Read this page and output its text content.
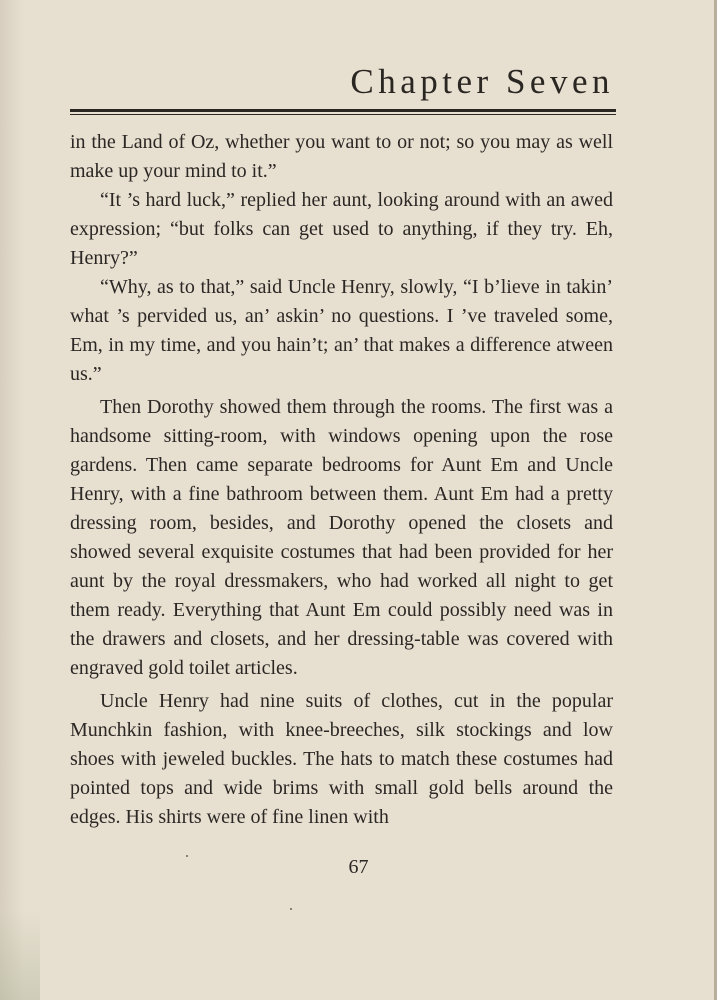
Chapter Seven

in the Land of Oz, whether you want to or not; so you may as well make up your mind to it.”

“It ’s hard luck,” replied her aunt, looking around with an awed expression; “but folks can get used to anything, if they try. Eh, Henry?”

“Why, as to that,” said Uncle Henry, slowly, “I b’lieve in takin’ what ’s pervided us, an’ askin’ no questions. I ’ve traveled some, Em, in my time, and you hain’t; an’ that makes a difference atween us.”

Then Dorothy showed them through the rooms. The first was a handsome sitting-room, with windows opening upon the rose gardens. Then came separate bedrooms for Aunt Em and Uncle Henry, with a fine bathroom between them. Aunt Em had a pretty dressing room, besides, and Dorothy opened the closets and showed several exquisite costumes that had been provided for her aunt by the royal dressmakers, who had worked all night to get them ready. Everything that Aunt Em could possibly need was in the drawers and closets, and her dressing-table was covered with engraved gold toilet articles.

Uncle Henry had nine suits of clothes, cut in the popular Munchkin fashion, with knee-breeches, silk stockings and low shoes with jeweled buckles. The hats to match these costumes had pointed tops and wide brims with small gold bells around the edges. His shirts were of fine linen with

67
